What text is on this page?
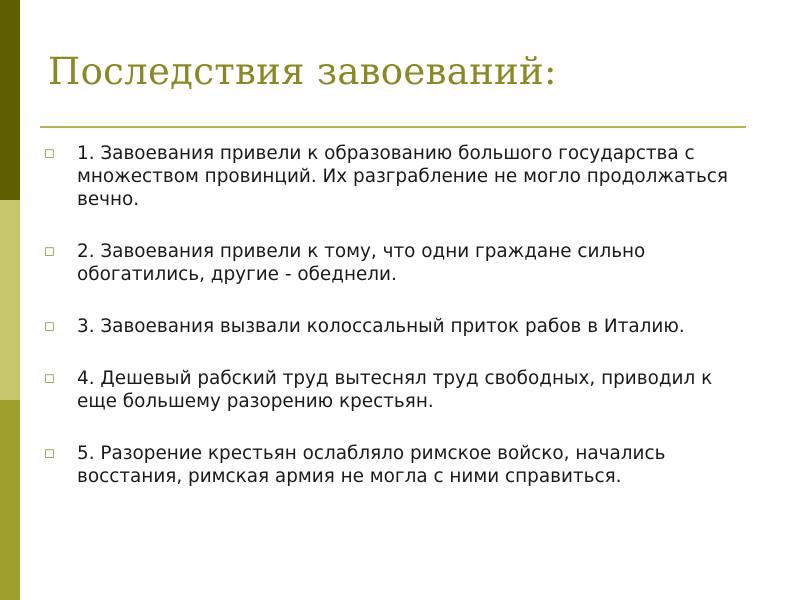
Последствия завоеваний:
◻ 1. Завоевания привели к образованию большого государства с множеством провинций. Их разграбление не могло продолжаться вечно.
◻ 2. Завоевания привели к тому, что одни граждане сильно обогатились, другие - обеднели.
◻ 3. Завоевания вызвали колоссальный приток рабов в Италию.
◻ 4. Дешевый рабский труд вытеснял труд свободных, приводил к еще большему разорению крестьян.
◻ 5. Разорение крестьян ослабляло римское войско, начались восстания, римская армия не могла с ними справиться.
